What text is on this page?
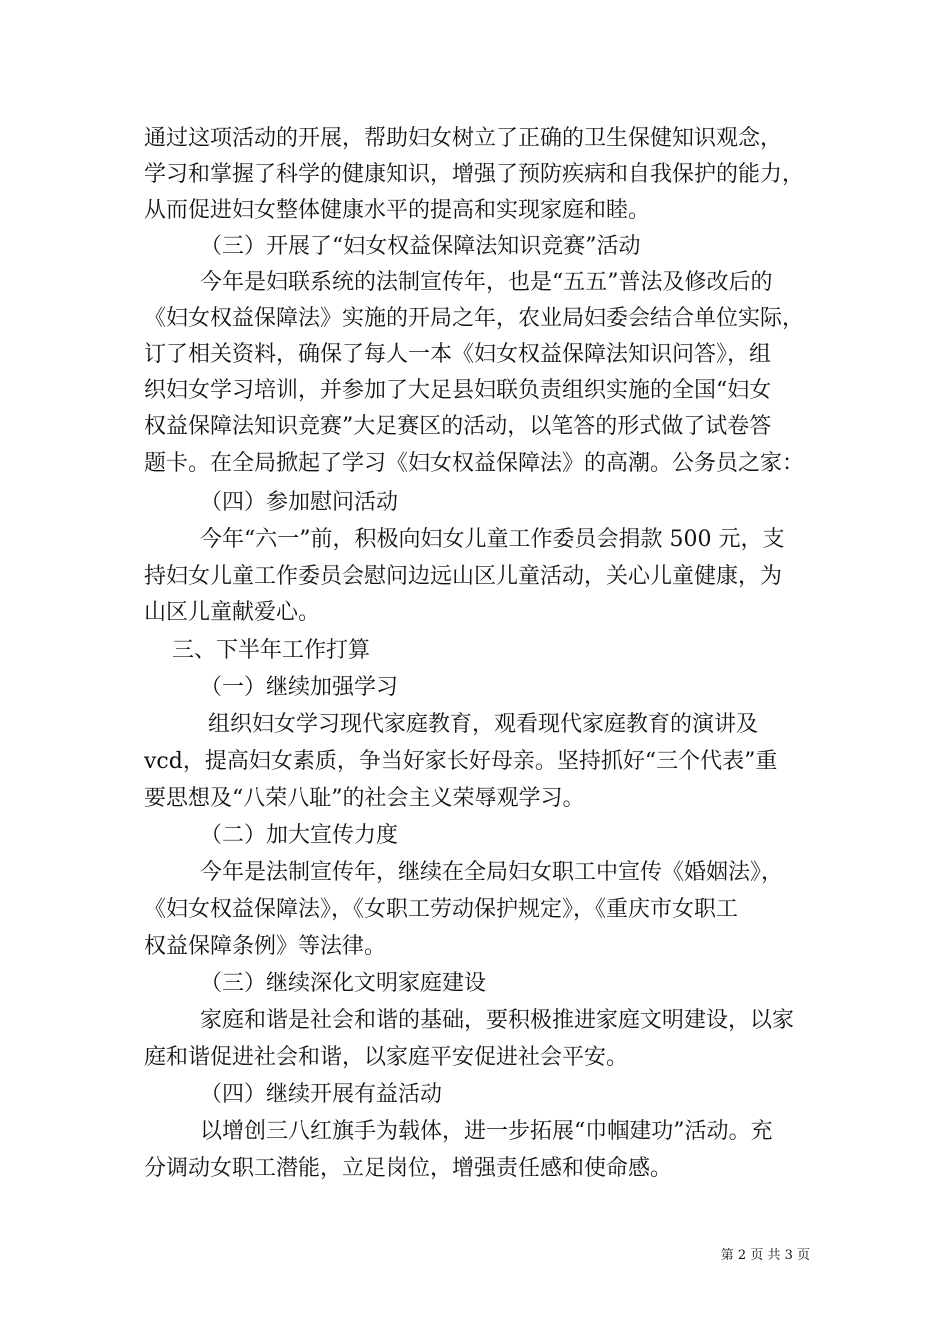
通过这项活动的开展，帮助妇女树立了正确的卫生保健知识观念，
学习和掌握了科学的健康知识，增强了预防疾病和自我保护的能力，
从而促进妇女整体健康水平的提高和实现家庭和睦。
（三）开展了“妇女权益保障法知识竞赛”活动
今年是妇联系统的法制宣传年，也是“五五”普法及修改后的
《妇女权益保障法》实施的开局之年，农业局妇委会结合单位实际，
订了相关资料，确保了每人一本《妇女权益保障法知识问答》，组
织妇女学习培训，并参加了大足县妇联负责组织实施的全国“妇女
权益保障法知识竞赛”大足赛区的活动，以笔答的形式做了试卷答
题卡。在全局掀起了学习《妇女权益保障法》的高潮。公务员之家：
（四）参加慰问活动
今年“六一”前，积极向妇女儿童工作委员会捐款 500 元，支
持妇女儿童工作委员会慰问边远山区儿童活动，关心儿童健康，为
山区儿童献爱心。
三、下半年工作打算
（一）继续加强学习
组织妇女学习现代家庭教育，观看现代家庭教育的演讲及
vcd，提高妇女素质，争当好家长好母亲。坚持抓好“三个代表”重
要思想及“八荣八耻”的社会主义荣辱观学习。
（二）加大宣传力度
今年是法制宣传年，继续在全局妇女职工中宣传《婚姻法》，
《妇女权益保障法》，《女职工劳动保护规定》，《重庆市女职工
权益保障条例》等法律。
（三）继续深化文明家庭建设
家庭和谐是社会和谐的基础，要积极推进家庭文明建设，以家
庭和谐促进社会和谐，以家庭平安促进社会平安。
（四）继续开展有益活动
以增创三八红旗手为载体，进一步拓展“巾帼建功”活动。充
分调动女职工潜能，立足岗位，增强责任感和使命感。
第 2 页 共 3 页
